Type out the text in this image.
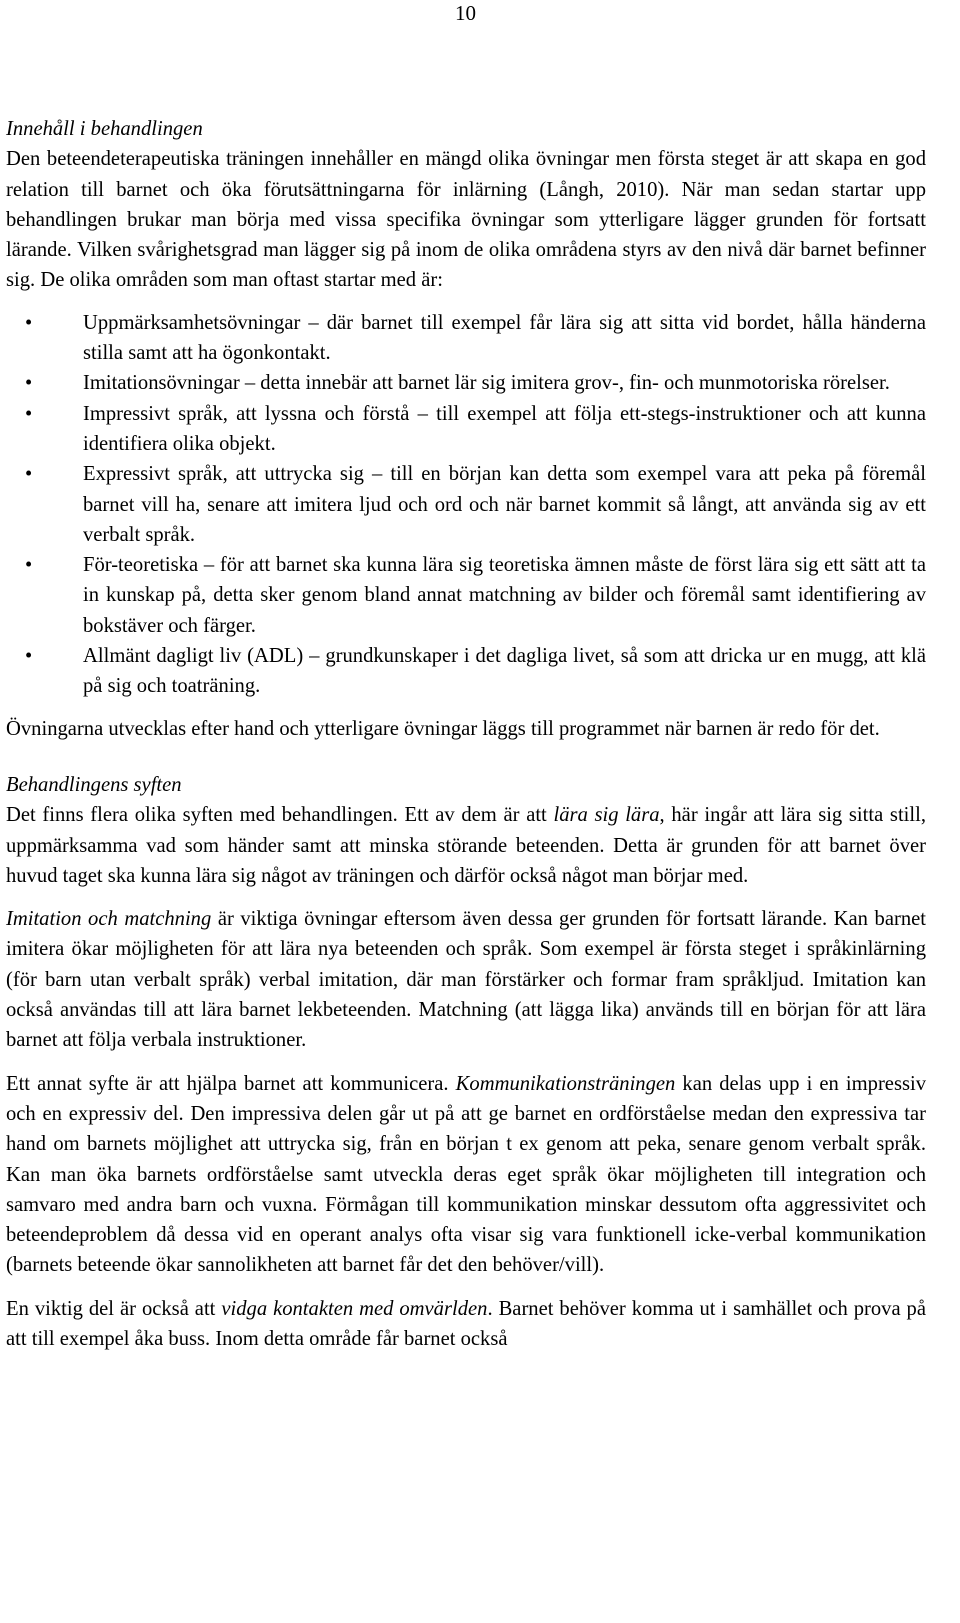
10

Innehåll i behandlingen

Den beteendeterapeutiska träningen innehåller en mängd olika övningar men första steget är att skapa en god relation till barnet och öka förutsättningarna för inlärning (Långh, 2010). När man sedan startar upp behandlingen brukar man börja med vissa specifika övningar som ytterligare lägger grunden för fortsatt lärande. Vilken svårighetsgrad man lägger sig på inom de olika områdena styrs av den nivå där barnet befinner sig. De olika områden som man oftast startar med är:

• Uppmärksamhetsövningar – där barnet till exempel får lära sig att sitta vid bordet, hålla händerna stilla samt att ha ögonkontakt.
• Imitationsövningar – detta innebär att barnet lär sig imitera grov-, fin- och munmotoriska rörelser.
• Impressivt språk, att lyssna och förstå – till exempel att följa ett-stegs-instruktioner och att kunna identifiera olika objekt.
• Expressivt språk, att uttrycka sig – till en början kan detta som exempel vara att peka på föremål barnet vill ha, senare att imitera ljud och ord och när barnet kommit så långt, att använda sig av ett verbalt språk.
• För-teoretiska – för att barnet ska kunna lära sig teoretiska ämnen måste de först lära sig ett sätt att ta in kunskap på, detta sker genom bland annat matchning av bilder och föremål samt identifiering av bokstäver och färger.
• Allmänt dagligt liv (ADL) – grundkunskaper i det dagliga livet, så som att dricka ur en mugg, att klä på sig och toaträning.

Övningarna utvecklas efter hand och ytterligare övningar läggs till programmet när barnen är redo för det.

Behandlingens syften

Det finns flera olika syften med behandlingen. Ett av dem är att lära sig lära, här ingår att lära sig sitta still, uppmärksamma vad som händer samt att minska störande beteenden. Detta är grunden för att barnet över huvud taget ska kunna lära sig något av träningen och därför också något man börjar med.

Imitation och matchning är viktiga övningar eftersom även dessa ger grunden för fortsatt lärande. Kan barnet imitera ökar möjligheten för att lära nya beteenden och språk. Som exempel är första steget i språkinlärning (för barn utan verbalt språk) verbal imitation, där man förstärker och formar fram språkljud. Imitation kan också användas till att lära barnet lekbeteenden. Matchning (att lägga lika) används till en början för att lära barnet att följa verbala instruktioner.

Ett annat syfte är att hjälpa barnet att kommunicera. Kommunikationsträningen kan delas upp i en impressiv och en expressiv del. Den impressiva delen går ut på att ge barnet en ordförståelse medan den expressiva tar hand om barnets möjlighet att uttrycka sig, från en början t ex genom att peka, senare genom verbalt språk. Kan man öka barnets ordförståelse samt utveckla deras eget språk ökar möjligheten till integration och samvaro med andra barn och vuxna. Förmågan till kommunikation minskar dessutom ofta aggressivitet och beteendeproblem då dessa vid en operant analys ofta visar sig vara funktionell icke-verbal kommunikation (barnets beteende ökar sannolikheten att barnet får det den behöver/vill).

En viktig del är också att vidga kontakten med omvärlden. Barnet behöver komma ut i samhället och prova på att till exempel åka buss. Inom detta område får barnet också
